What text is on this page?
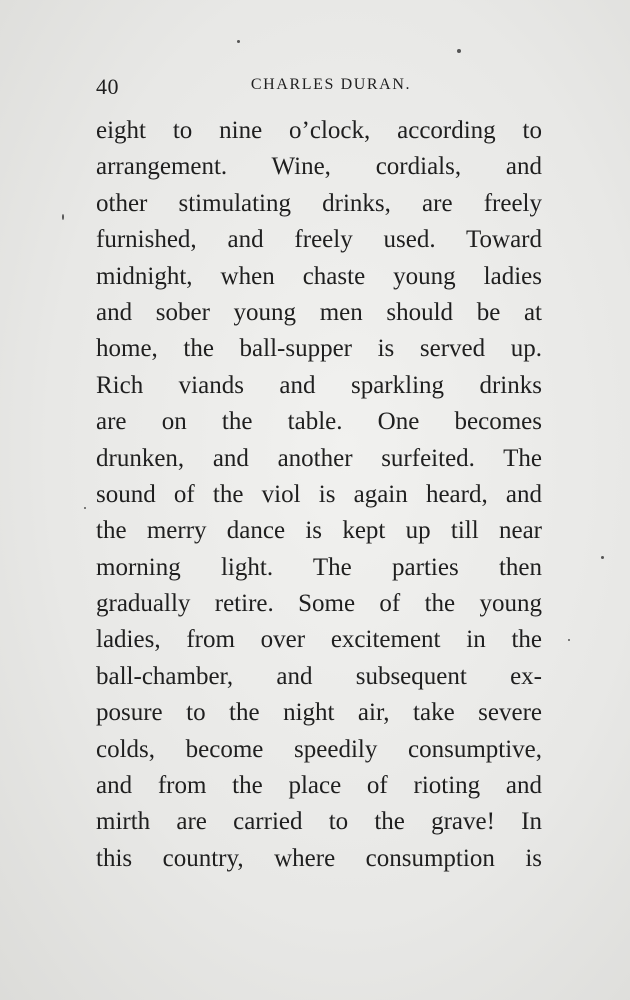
40	CHARLES DURAN.
eight to nine o’clock, according to
arrangement. Wine, cordials, and
other stimulating drinks, are freely
furnished, and freely used. Toward
midnight, when chaste young ladies
and sober young men should be at
home, the ball-supper is served up.
Rich viands and sparkling drinks
are on the table. One becomes
drunken, and another surfeited. The
sound of the viol is again heard, and
the merry dance is kept up till near
morning light. The parties then
gradually retire. Some of the young
ladies, from over excitement in the
ball-chamber, and subsequent ex-
posure to the night air, take severe
colds, become speedily consumptive,
and from the place of rioting and
mirth are carried to the grave! In
this country, where consumption is
